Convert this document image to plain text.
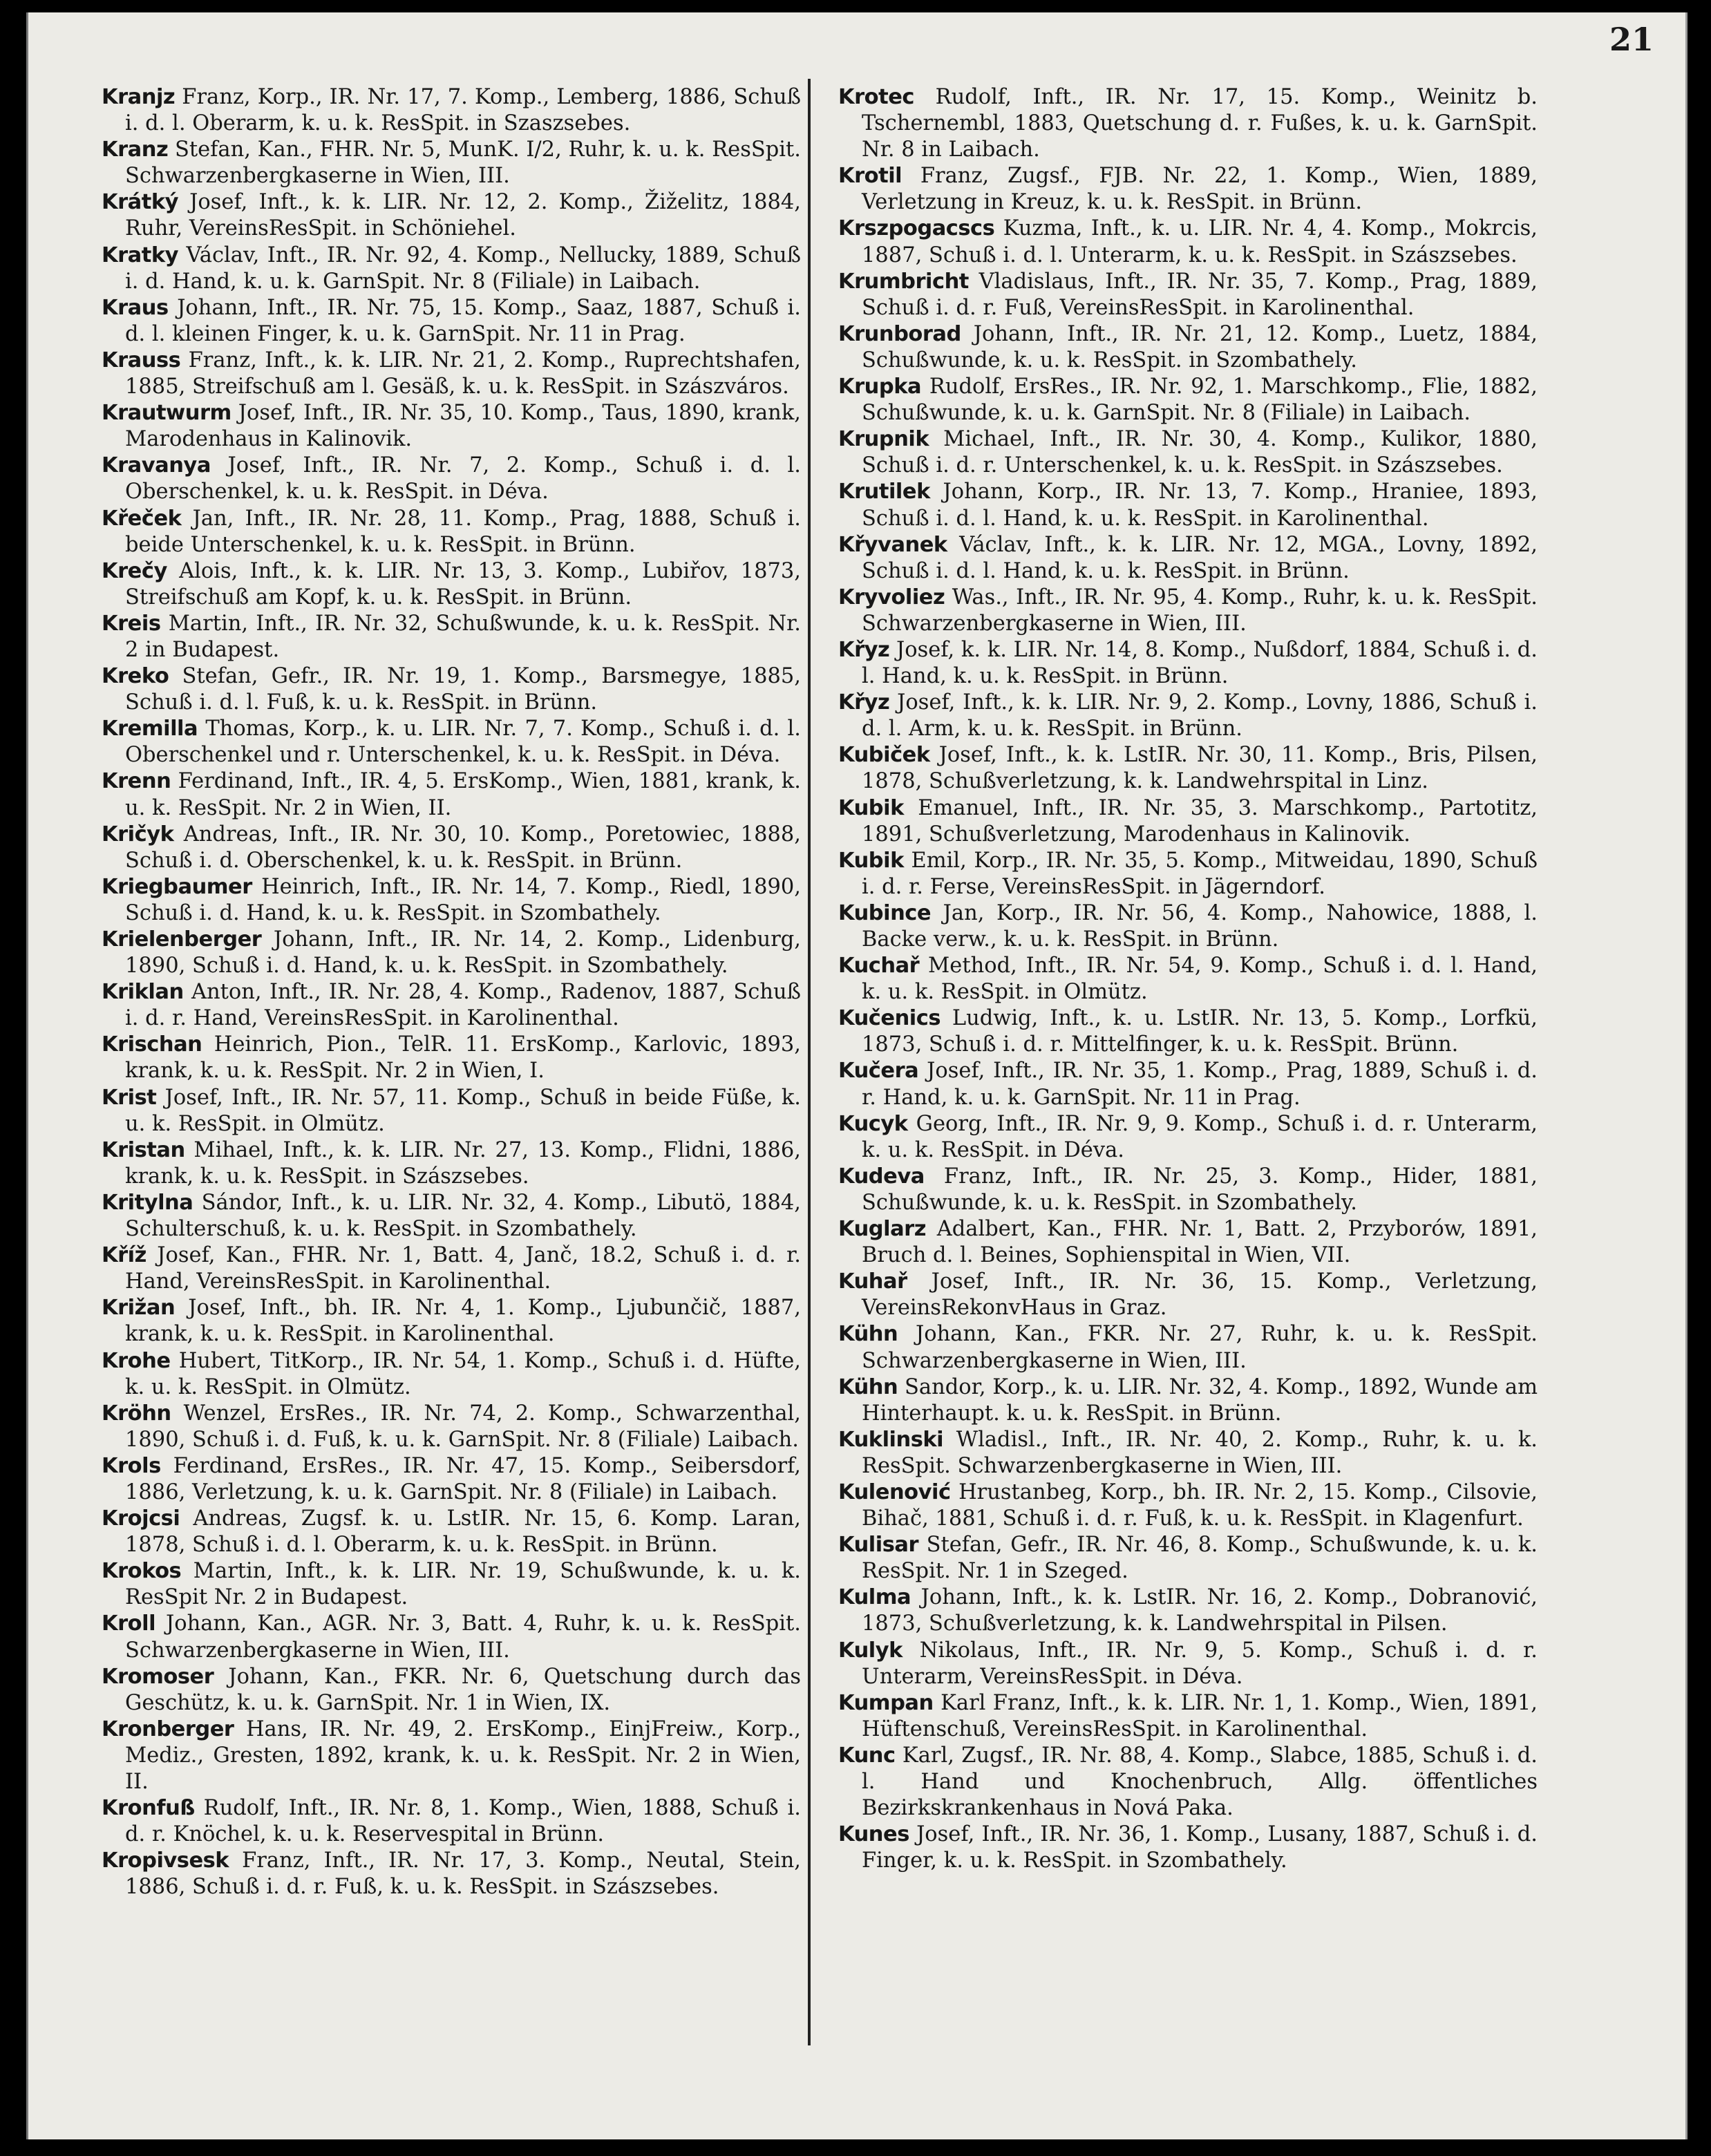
21

Kranjz Franz, Korp., IR. Nr. 17, 7. Komp., Lemberg, 1886, Schuß i. d. l. Oberarm, k. u. k. ResSpit. in Szaszsebes.

Kranz Stefan, Kan., FHR. Nr. 5, MunK. I/2, Ruhr, k. u. k. ResSpit. Schwarzenbergkaserne in Wien, III.

Krátký Josef, Inft., k. k. LIR. Nr. 12, 2. Komp., Žiželitz, 1884, Ruhr, VereinsResSpit. in Schöniehel.

Kratky Václav, Inft., IR. Nr. 92, 4. Komp., Nellucky, 1889, Schuß i. d. Hand, k. u. k. GarnSpit. Nr. 8 (Filiale) in Laibach.

Kraus Johann, Inft., IR. Nr. 75, 15. Komp., Saaz, 1887, Schuß i. d. l. kleinen Finger, k. u. k. GarnSpit. Nr. 11 in Prag.

Krauss Franz, Inft., k. k. LIR. Nr. 21, 2. Komp., Ruprechtshafen, 1885, Streifschuß am l. Gesäß, k. u. k. ResSpit. in Szászváros.

Krautwurm Josef, Inft., IR. Nr. 35, 10. Komp., Taus, 1890, krank, Marodenhaus in Kalinovik.

Kravanya Josef, Inft., IR. Nr. 7, 2. Komp., Schuß i. d. l. Oberschenkel, k. u. k. ResSpit. in Déva.

Křeček Jan, Inft., IR. Nr. 28, 11. Komp., Prag, 1888, Schuß i. beide Unterschenkel, k. u. k. ResSpit. in Brünn.

Krečy Alois, Inft., k. k. LIR. Nr. 13, 3. Komp., Lubiřov, 1873, Streifschuß am Kopf, k. u. k. ResSpit. in Brünn.

Kreis Martin, Inft., IR. Nr. 32, Schußwunde, k. u. k. ResSpit. Nr. 2 in Budapest.

Kreko Stefan, Gefr., IR. Nr. 19, 1. Komp., Barsmegye, 1885, Schuß i. d. l. Fuß, k. u. k. ResSpit. in Brünn.

Kremilla Thomas, Korp., k. u. LIR. Nr. 7, 7. Komp., Schuß i. d. l. Oberschenkel und r. Unterschenkel, k. u. k. ResSpit. in Déva.

Krenn Ferdinand, Inft., IR. 4, 5. ErsKomp., Wien, 1881, krank, k. u. k. ResSpit. Nr. 2 in Wien, II.

Kričyk Andreas, Inft., IR. Nr. 30, 10. Komp., Poretowiec, 1888, Schuß i. d. Oberschenkel, k. u. k. ResSpit. in Brünn.

Kriegbaumer Heinrich, Inft., IR. Nr. 14, 7. Komp., Riedl, 1890, Schuß i. d. Hand, k. u. k. ResSpit. in Szombathely.

Krielenberger Johann, Inft., IR. Nr. 14, 2. Komp., Lidenburg, 1890, Schuß i. d. Hand, k. u. k. ResSpit. in Szombathely.

Kriklan Anton, Inft., IR. Nr. 28, 4. Komp., Radenov, 1887, Schuß i. d. r. Hand, VereinsResSpit. in Karolinenthal.

Krischan Heinrich, Pion., TelR. 11. ErsKomp., Karlovic, 1893, krank, k. u. k. ResSpit. Nr. 2 in Wien, I.

Krist Josef, Inft., IR. Nr. 57, 11. Komp., Schuß in beide Füße, k. u. k. ResSpit. in Olmütz.

Kristan Mihael, Inft., k. k. LIR. Nr. 27, 13. Komp., Flidni, 1886, krank, k. u. k. ResSpit. in Szászsebes.

Kritylna Sándor, Inft., k. u. LIR. Nr. 32, 4. Komp., Libutö, 1884, Schulterschuß, k. u. k. ResSpit. in Szombathely.

Kříž Josef, Kan., FHR. Nr. 1, Batt. 4, Janč, 18.2, Schuß i. d. r. Hand, VereinsResSpit. in Karolinenthal.

Križan Josef, Inft., bh. IR. Nr. 4, 1. Komp., Ljubunčič, 1887, krank, k. u. k. ResSpit. in Karolinenthal.

Krohe Hubert, TitKorp., IR. Nr. 54, 1. Komp., Schuß i. d. Hüfte, k. u. k. ResSpit. in Olmütz.

Kröhn Wenzel, ErsRes., IR. Nr. 74, 2. Komp., Schwarzenthal, 1890, Schuß i. d. Fuß, k. u. k. GarnSpit. Nr. 8 (Filiale) Laibach.

Krols Ferdinand, ErsRes., IR. Nr. 47, 15. Komp., Seibersdorf, 1886, Verletzung, k. u. k. GarnSpit. Nr. 8 (Filiale) in Laibach.

Krojcsi Andreas, Zugsf. k. u. LstIR. Nr. 15, 6. Komp. Laran, 1878, Schuß i. d. l. Oberarm, k. u. k. ResSpit. in Brünn.

Krokos Martin, Inft., k. k. LIR. Nr. 19, Schußwunde, k. u. k. ResSpit Nr. 2 in Budapest.

Kroll Johann, Kan., AGR. Nr. 3, Batt. 4, Ruhr, k. u. k. ResSpit. Schwarzenbergkaserne in Wien, III.

Kromoser Johann, Kan., FKR. Nr. 6, Quetschung durch das Geschütz, k. u. k. GarnSpit. Nr. 1 in Wien, IX.

Kronberger Hans, IR. Nr. 49, 2. ErsKomp., EinjFreiw., Korp., Mediz., Gresten, 1892, krank, k. u. k. ResSpit. Nr. 2 in Wien, II.

Kronfuß Rudolf, Inft., IR. Nr. 8, 1. Komp., Wien, 1888, Schuß i. d. r. Knöchel, k. u. k. Reservespital in Brünn.

Kropivsesk Franz, Inft., IR. Nr. 17, 3. Komp., Neutal, Stein, 1886, Schuß i. d. r. Fuß, k. u. k. ResSpit. in Szászsebes.

Krotec Rudolf, Inft., IR. Nr. 17, 15. Komp., Weinitz b. Tschernembl, 1883, Quetschung d. r. Fußes, k. u. k. GarnSpit. Nr. 8 in Laibach.

Krotil Franz, Zugsf., FJB. Nr. 22, 1. Komp., Wien, 1889, Verletzung in Kreuz, k. u. k. ResSpit. in Brünn.

Krszpogacscs Kuzma, Inft., k. u. LIR. Nr. 4, 4. Komp., Mokrcis, 1887, Schuß i. d. l. Unterarm, k. u. k. ResSpit. in Szászsebes.

Krumbricht Vladislaus, Inft., IR. Nr. 35, 7. Komp., Prag, 1889, Schuß i. d. r. Fuß, VereinsResSpit. in Karolinenthal.

Krunborad Johann, Inft., IR. Nr. 21, 12. Komp., Luetz, 1884, Schußwunde, k. u. k. ResSpit. in Szombathely.

Krupka Rudolf, ErsRes., IR. Nr. 92, 1. Marschkomp., Flie, 1882, Schußwunde, k. u. k. GarnSpit. Nr. 8 (Filiale) in Laibach.

Krupnik Michael, Inft., IR. Nr. 30, 4. Komp., Kulikor, 1880, Schuß i. d. r. Unterschenkel, k. u. k. ResSpit. in Szászsebes.

Krutilek Johann, Korp., IR. Nr. 13, 7. Komp., Hraniee, 1893, Schuß i. d. l. Hand, k. u. k. ResSpit. in Karolinenthal.

Křyvanek Václav, Inft., k. k. LIR. Nr. 12, MGA., Lovny, 1892, Schuß i. d. l. Hand, k. u. k. ResSpit. in Brünn.

Kryvoliez Was., Inft., IR. Nr. 95, 4. Komp., Ruhr, k. u. k. ResSpit. Schwarzenbergkaserne in Wien, III.

Křyz Josef, k. k. LIR. Nr. 14, 8. Komp., Nußdorf, 1884, Schuß i. d. l. Hand, k. u. k. ResSpit. in Brünn.

Křyz Josef, Inft., k. k. LIR. Nr. 9, 2. Komp., Lovny, 1886, Schuß i. d. l. Arm, k. u. k. ResSpit. in Brünn.

Kubiček Josef, Inft., k. k. LstIR. Nr. 30, 11. Komp., Bris, Pilsen, 1878, Schußverletzung, k. k. Landwehrspital in Linz.

Kubik Emanuel, Inft., IR. Nr. 35, 3. Marschkomp., Partotitz, 1891, Schußverletzung, Marodenhaus in Kalinovik.

Kubik Emil, Korp., IR. Nr. 35, 5. Komp., Mitweidau, 1890, Schuß i. d. r. Ferse, VereinsResSpit. in Jägerndorf.

Kubince Jan, Korp., IR. Nr. 56, 4. Komp., Nahowice, 1888, l. Backe verw., k. u. k. ResSpit. in Brünn.

Kuchař Method, Inft., IR. Nr. 54, 9. Komp., Schuß i. d. l. Hand, k. u. k. ResSpit. in Olmütz.

Kučenics Ludwig, Inft., k. u. LstIR. Nr. 13, 5. Komp., Lorfkü, 1873, Schuß i. d. r. Mittelfinger, k. u. k. ResSpit. Brünn.

Kučera Josef, Inft., IR. Nr. 35, 1. Komp., Prag, 1889, Schuß i. d. r. Hand, k. u. k. GarnSpit. Nr. 11 in Prag.

Kucyk Georg, Inft., IR. Nr. 9, 9. Komp., Schuß i. d. r. Unterarm, k. u. k. ResSpit. in Déva.

Kudeva Franz, Inft., IR. Nr. 25, 3. Komp., Hider, 1881, Schußwunde, k. u. k. ResSpit. in Szombathely.

Kuglarz Adalbert, Kan., FHR. Nr. 1, Batt. 2, Przyborów, 1891, Bruch d. l. Beines, Sophienspital in Wien, VII.

Kuhař Josef, Inft., IR. Nr. 36, 15. Komp., Verletzung, VereinsRekonvHaus in Graz.

Kühn Johann, Kan., FKR. Nr. 27, Ruhr, k. u. k. ResSpit. Schwarzenbergkaserne in Wien, III.

Kühn Sandor, Korp., k. u. LIR. Nr. 32, 4. Komp., 1892, Wunde am Hinterhaupt. k. u. k. ResSpit. in Brünn.

Kuklinski Wladisl., Inft., IR. Nr. 40, 2. Komp., Ruhr, k. u. k. ResSpit. Schwarzenbergkaserne in Wien, III.

Kulenović Hrustanbeg, Korp., bh. IR. Nr. 2, 15. Komp., Cilsovie, Bihač, 1881, Schuß i. d. r. Fuß, k. u. k. ResSpit. in Klagenfurt.

Kulisar Stefan, Gefr., IR. Nr. 46, 8. Komp., Schußwunde, k. u. k. ResSpit. Nr. 1 in Szeged.

Kulma Johann, Inft., k. k. LstIR. Nr. 16, 2. Komp., Dobranović, 1873, Schußverletzung, k. k. Landwehrspital in Pilsen.

Kulyk Nikolaus, Inft., IR. Nr. 9, 5. Komp., Schuß i. d. r. Unterarm, VereinsResSpit. in Déva.

Kumpan Karl Franz, Inft., k. k. LIR. Nr. 1, 1. Komp., Wien, 1891, Hüftenschuß, VereinsResSpit. in Karolinenthal.

Kunc Karl, Zugsf., IR. Nr. 88, 4. Komp., Slabce, 1885, Schuß i. d. l. Hand und Knochenbruch, Allg. öffentliches Bezirkskrankenhaus in Nová Paka.

Kunes Josef, Inft., IR. Nr. 36, 1. Komp., Lusany, 1887, Schuß i. d. Finger, k. u. k. ResSpit. in Szombathely.
